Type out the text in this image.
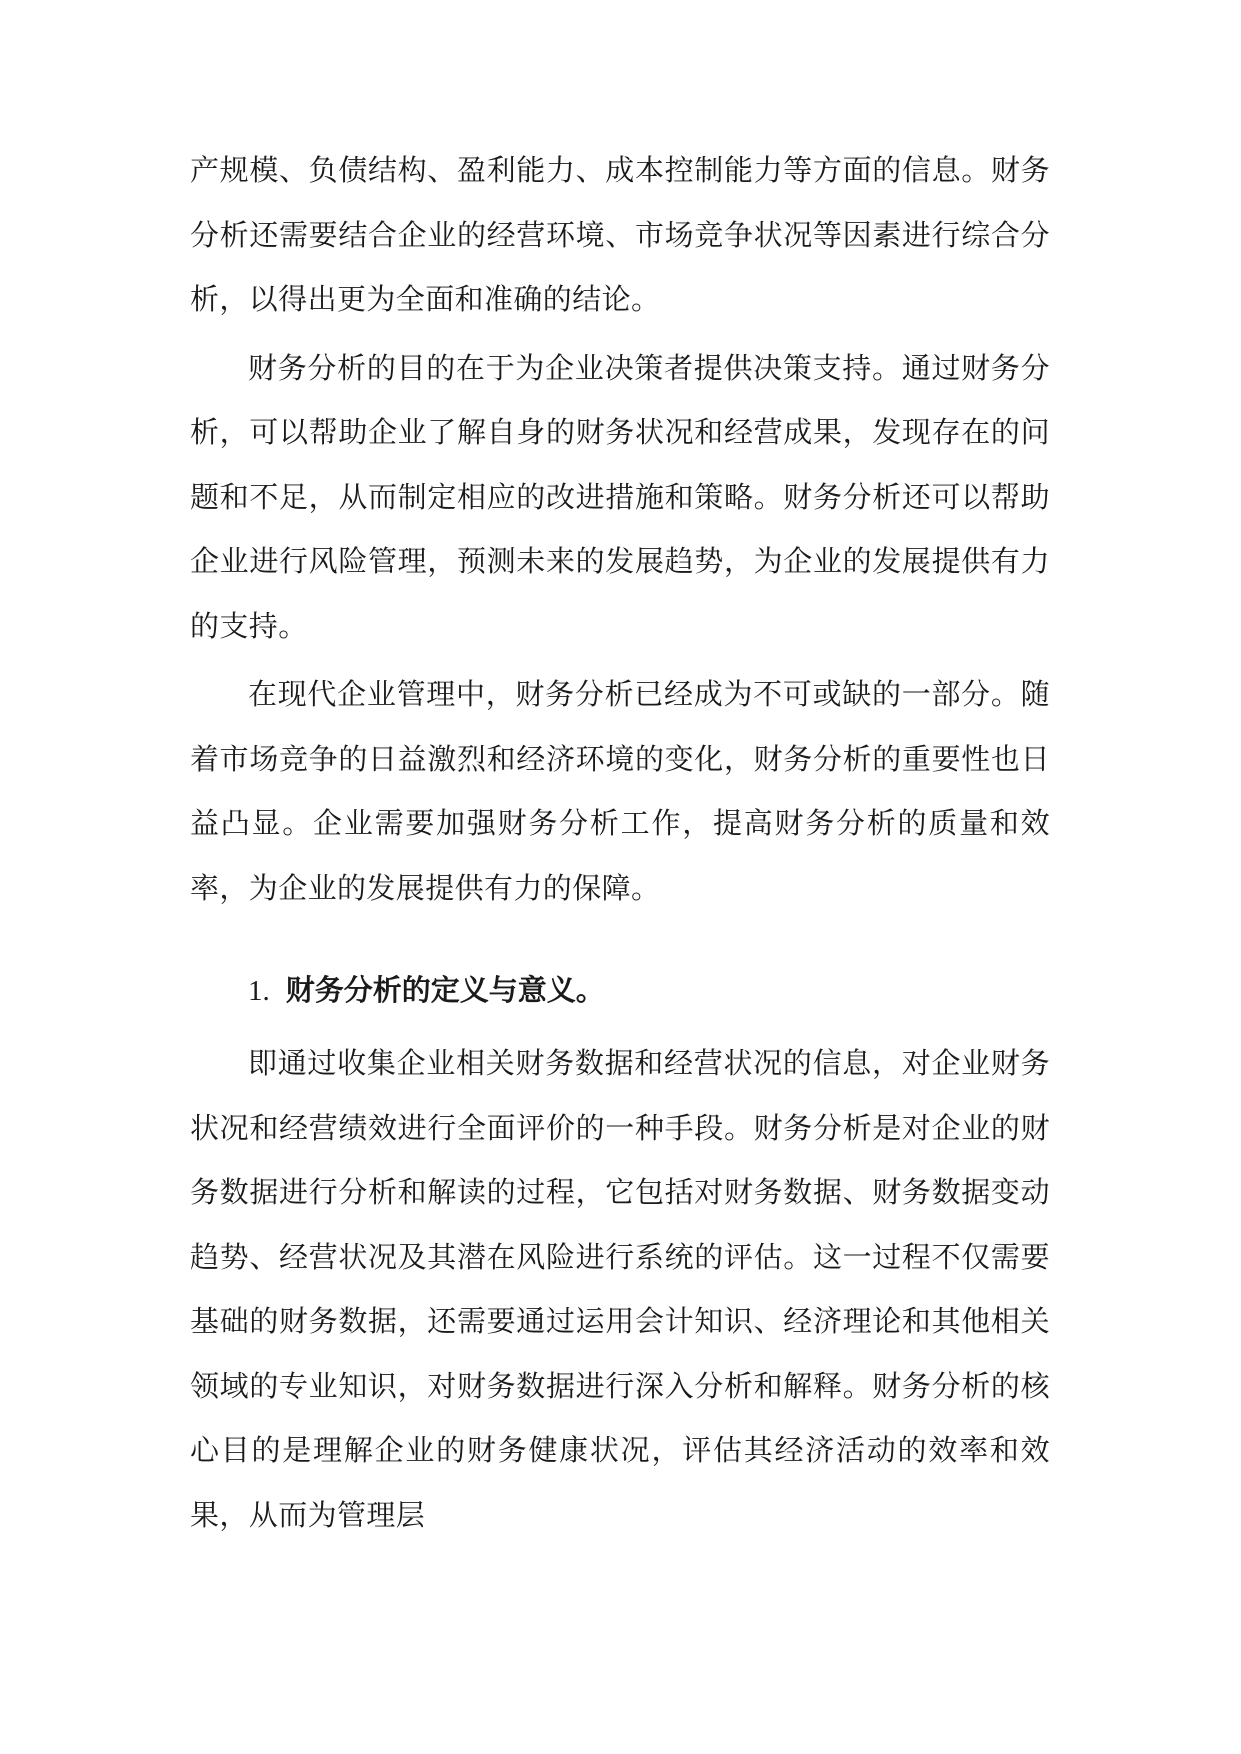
产规模、负债结构、盈利能力、成本控制能力等方面的信息。财务分析还需要结合企业的经营环境、市场竞争状况等因素进行综合分析，以得出更为全面和准确的结论。

财务分析的目的在于为企业决策者提供决策支持。通过财务分析，可以帮助企业了解自身的财务状况和经营成果，发现存在的问题和不足，从而制定相应的改进措施和策略。财务分析还可以帮助企业进行风险管理，预测未来的发展趋势，为企业的发展提供有力的支持。

在现代企业管理中，财务分析已经成为不可或缺的一部分。随着市场竞争的日益激烈和经济环境的变化，财务分析的重要性也日益凸显。企业需要加强财务分析工作，提高财务分析的质量和效率，为企业的发展提供有力的保障。

1. 财务分析的定义与意义。

即通过收集企业相关财务数据和经营状况的信息，对企业财务状况和经营绩效进行全面评价的一种手段。财务分析是对企业的财务数据进行分析和解读的过程，它包括对财务数据、财务数据变动趋势、经营状况及其潜在风险进行系统的评估。这一过程不仅需要基础的财务数据，还需要通过运用会计知识、经济理论和其他相关领域的专业知识，对财务数据进行深入分析和解释。财务分析的核心目的是理解企业的财务健康状况，评估其经济活动的效率和效果，从而为管理层
